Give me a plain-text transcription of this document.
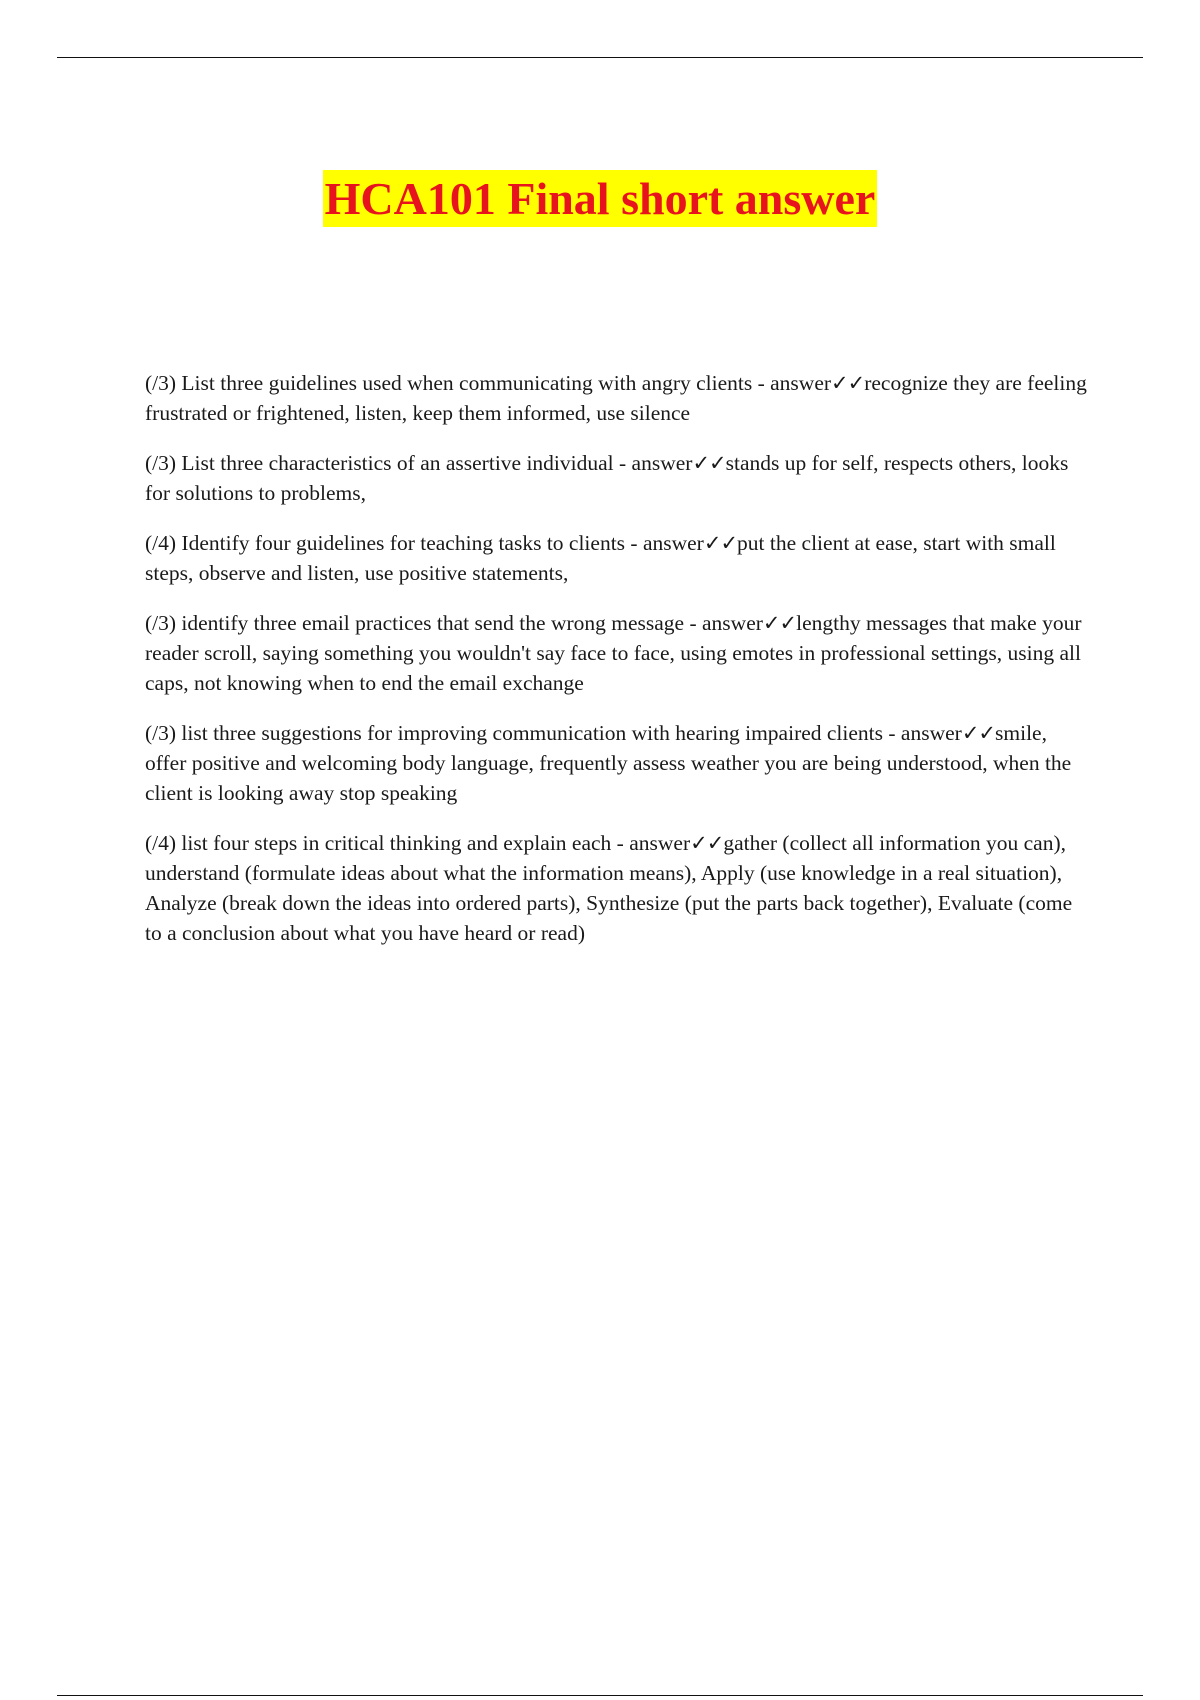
HCA101 Final short answer

(/3) List three guidelines used when communicating with angry clients - answer✓✓recognize they are feeling frustrated or frightened, listen, keep them informed, use silence

(/3) List three characteristics of an assertive individual - answer✓✓stands up for self, respects others, looks for solutions to problems,

(/4) Identify four guidelines for teaching tasks to clients - answer✓✓put the client at ease, start with small steps, observe and listen, use positive statements,

(/3) identify three email practices that send the wrong message - answer✓✓lengthy messages that make your reader scroll, saying something you wouldn't say face to face, using emotes in professional settings, using all caps, not knowing when to end the email exchange

(/3) list three suggestions for improving communication with hearing impaired clients - answer✓✓smile, offer positive and welcoming body language, frequently assess weather you are being understood, when the client is looking away stop speaking

(/4) list four steps in critical thinking and explain each - answer✓✓gather (collect all information you can), understand (formulate ideas about what the information means), Apply (use knowledge in a real situation), Analyze (break down the ideas into ordered parts), Synthesize (put the parts back together), Evaluate (come to a conclusion about what you have heard or read)
